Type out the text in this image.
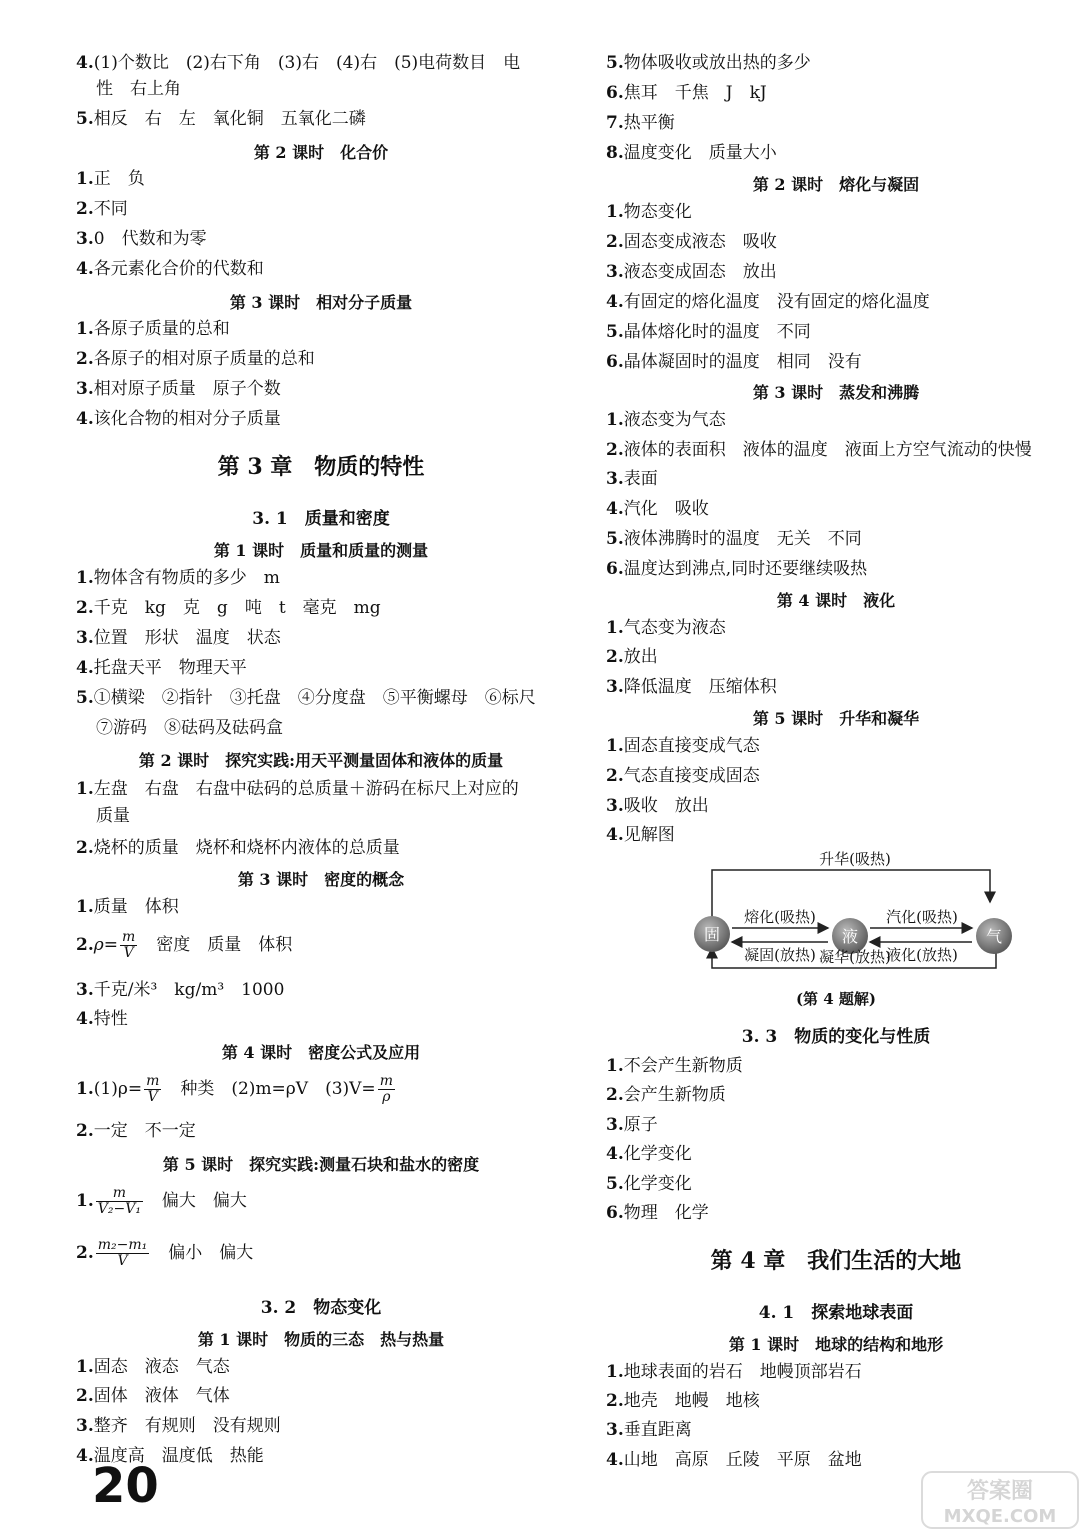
4.(1)个数比　(2)右下角　(3)右　(4)右　(5)电荷数目　电
性　右上角
5.相反　右　左　氧化铜　五氧化二磷
第 2 课时　化合价
1.正　负
2.不同
3.0　代数和为零
4.各元素化合价的代数和
第 3 课时　相对分子质量
1.各原子质量的总和
2.各原子的相对原子质量的总和
3.相对原子质量　原子个数
4.该化合物的相对分子质量
第 3 章　物质的特性
3. 1　质量和密度
第 1 课时　质量和质量的测量
1.物体含有物质的多少　m
2.千克　kg　克　g　吨　t　毫克　mg
3.位置　形状　温度　状态
4.托盘天平　物理天平
5.①横梁　②指针　③托盘　④分度盘　⑤平衡螺母　⑥标尺
⑦游码　⑧砝码及砝码盒
第 2 课时　探究实践:用天平测量固体和液体的质量
1.左盘　右盘　右盘中砝码的总质量＋游码在标尺上对应的
质量
2.烧杯的质量　烧杯和烧杯内液体的总质量
第 3 课时　密度的概念
1.质量　体积
$2.\rho= \frac{m}{V}$ 　密度　质量　体积
3.千克/米³　kg/m³　1000
4.特性
第 4 课时　密度公式及应用
$1.(1)\rho= \frac{m}{V}$ 　种类　(2)m=ρV　$(3)V= \frac{m}{\rho}$
2.一定　不一定
第 5 课时　探究实践:测量石块和盐水的密度
1. $\frac{m}{\text{V₂−V₁}}$ 　偏大　偏大
2. $\frac{\text{m₂−m₁}}{V}$ 　偏小　偏大
3. 2　物态变化
第 1 课时　物质的三态　热与热量
1.固态　液态　气态
2.固体　液体　气体
3.整齐　有规则　没有规则
4.温度高　温度低　热能
5.物体吸收或放出热的多少
6.焦耳　千焦　J　kJ
7.热平衡
8.温度变化　质量大小
第 2 课时　熔化与凝固
1.物态变化
2.固态变成液态　吸收
3.液态变成固态　放出
4.有固定的熔化温度　没有固定的熔化温度
5.晶体熔化时的温度　不同
6.晶体凝固时的温度　相同　没有
第 3 课时　蒸发和沸腾
1.液态变为气态
2.液体的表面积　液体的温度　液面上方空气流动的快慢
3.表面
4.汽化　吸收
5.液体沸腾时的温度　无关　不同
6.温度达到沸点,同时还要继续吸热
第 4 课时　液化
1.气态变为液态
2.放出
3.降低温度　压缩体积
第 5 课时　升华和凝华
1.固态直接变成气态
2.气态直接变成固态
3.吸收　放出
4.见解图
固	液	气
升华(吸热)
熔化(吸热)
凝固(放热)
汽化(吸热)
液化(放热)
凝华(放热)
(第 4 题解)
3. 3　物质的变化与性质
1.不会产生新物质
2.会产生新物质
3.原子
4.化学变化
5.化学变化
6.物理　化学
第 4 章　我们生活的大地
4. 1　探索地球表面
第 1 课时　地球的结构和地形
1.地球表面的岩石　地幔顶部岩石
2.地壳　地幔　地核
3.垂直距离
4.山地　高原　丘陵　平原　盆地
20	答案圈
MXQE.COM
